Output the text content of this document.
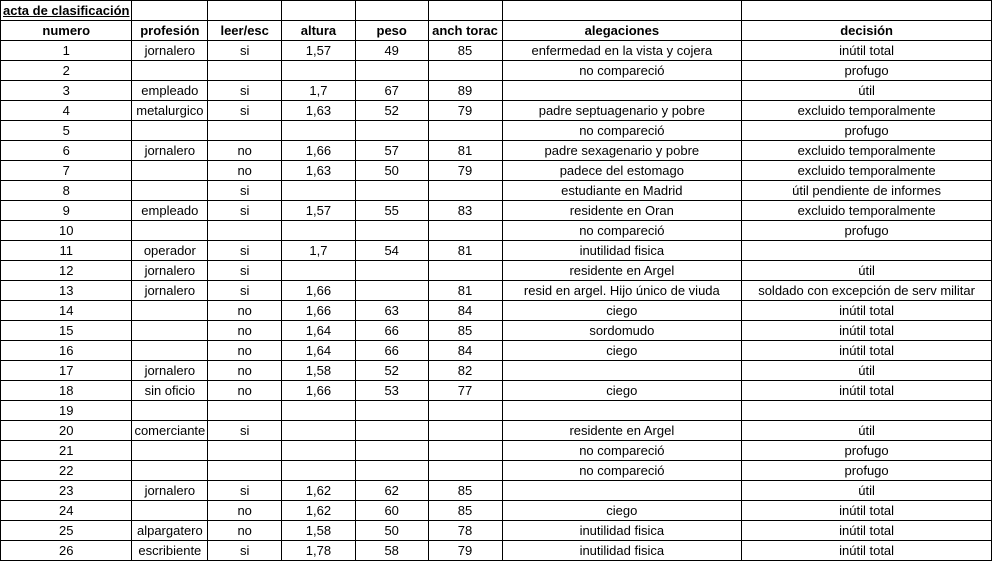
acta de clasificación							
numero	profesión	leer/esc	altura	peso	anch torac	alegaciones	decisión
1	jornalero	si	1,57	49	85	enfermedad en la vista y cojera	inútil total
2						no compareció	profugo
3	empleado	si	1,7	67	89		útil
4	metalurgico	si	1,63	52	79	padre septuagenario y pobre	excluido temporalmente
5						no compareció	profugo
6	jornalero	no	1,66	57	81	padre sexagenario y pobre	excluido temporalmente
7		no	1,63	50	79	padece del estomago	excluido temporalmente
8		si				estudiante en Madrid	útil pendiente de informes
9	empleado	si	1,57	55	83	residente en Oran	excluido temporalmente
10						no compareció	profugo
11	operador	si	1,7	54	81	inutilidad fisica	
12	jornalero	si				residente en Argel	útil
13	jornalero	si	1,66		81	resid en argel. Hijo único de viuda	soldado con excepción de serv militar
14		no	1,66	63	84	ciego	inútil total
15		no	1,64	66	85	sordomudo	inútil total
16		no	1,64	66	84	ciego	inútil total
17	jornalero	no	1,58	52	82		útil
18	sin oficio	no	1,66	53	77	ciego	inútil total
19							
20	comerciante	si				residente en Argel	útil
21						no compareció	profugo
22						no compareció	profugo
23	jornalero	si	1,62	62	85		útil
24		no	1,62	60	85	ciego	inútil total
25	alpargatero	no	1,58	50	78	inutilidad fisica	inútil total
26	escribiente	si	1,78	58	79	inutilidad fisica	inútil total
